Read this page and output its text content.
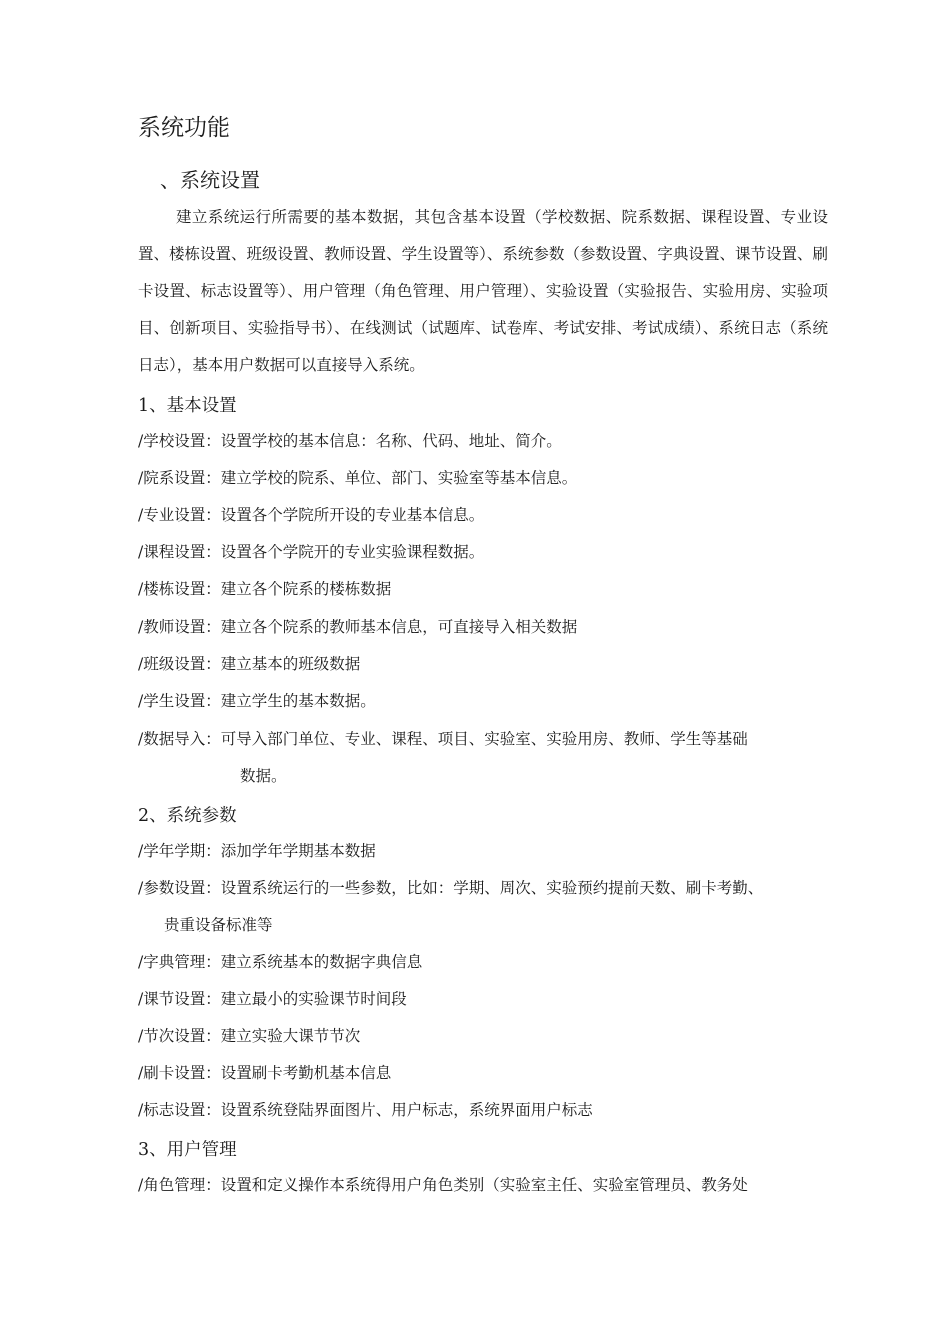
系统功能
、系统设置

建立系统运行所需要的基本数据，其包含基本设置（学校数据、院系数据、课程设置、专业设置、楼栋设置、班级设置、教师设置、学生设置等）、系统参数（参数设置、字典设置、课节设置、刷卡设置、标志设置等）、用户管理（角色管理、用户管理）、实验设置（实验报告、实验用房、实验项目、创新项目、实验指导书）、在线测试（试题库、试卷库、考试安排、考试成绩）、系统日志（系统日志），基本用户数据可以直接导入系统。

1、基本设置
/学校设置：设置学校的基本信息：名称、代码、地址、简介。
/院系设置：建立学校的院系、单位、部门、实验室等基本信息。
/专业设置：设置各个学院所开设的专业基本信息。
/课程设置：设置各个学院开的专业实验课程数据。
/楼栋设置：建立各个院系的楼栋数据
/教师设置：建立各个院系的教师基本信息，可直接导入相关数据
/班级设置：建立基本的班级数据
/学生设置：建立学生的基本数据。
/数据导入：可导入部门单位、专业、课程、项目、实验室、实验用房、教师、学生等基础
数据。
2、系统参数
/学年学期：添加学年学期基本数据
/参数设置：设置系统运行的一些参数，比如：学期、周次、实验预约提前天数、刷卡考勤、
贵重设备标准等
/字典管理：建立系统基本的数据字典信息
/课节设置：建立最小的实验课节时间段
/节次设置：建立实验大课节节次
/刷卡设置：设置刷卡考勤机基本信息
/标志设置：设置系统登陆界面图片、用户标志，系统界面用户标志
3、用户管理
/角色管理：设置和定义操作本系统得用户角色类别（实验室主任、实验室管理员、教务处
